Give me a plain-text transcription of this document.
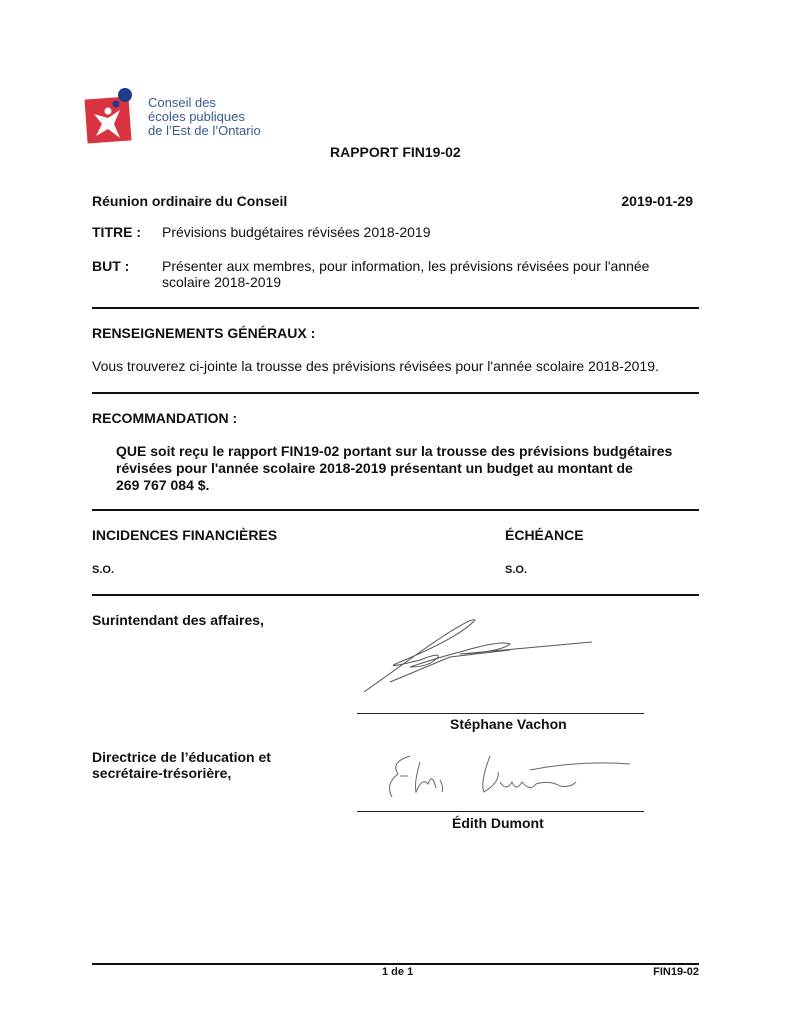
Conseil des
écoles publiques
de l’Est de l’Ontario
RAPPORT FIN19-02
Réunion ordinaire du Conseil	2019-01-29
TITRE : Prévisions budgétaires révisées 2018-2019
BUT : Présenter aux membres, pour information, les prévisions révisées pour l'année
scolaire 2018-2019
RENSEIGNEMENTS GÉNÉRAUX :
Vous trouverez ci-jointe la trousse des prévisions révisées pour l'année scolaire 2018-2019.
RECOMMANDATION :
QUE soit reçu le rapport FIN19-02 portant sur la trousse des prévisions budgétaires
révisées pour l'année scolaire 2018-2019 présentant un budget au montant de
269 767 084 $.
INCIDENCES FINANCIÈRES
S.O.
ÉCHÉANCE
S.O.
Surintendant des affaires,
Stéphane Vachon
Directrice de l’éducation et
secrétaire-trésorière,
Édith Dumont
1 de 1	FIN19-02
